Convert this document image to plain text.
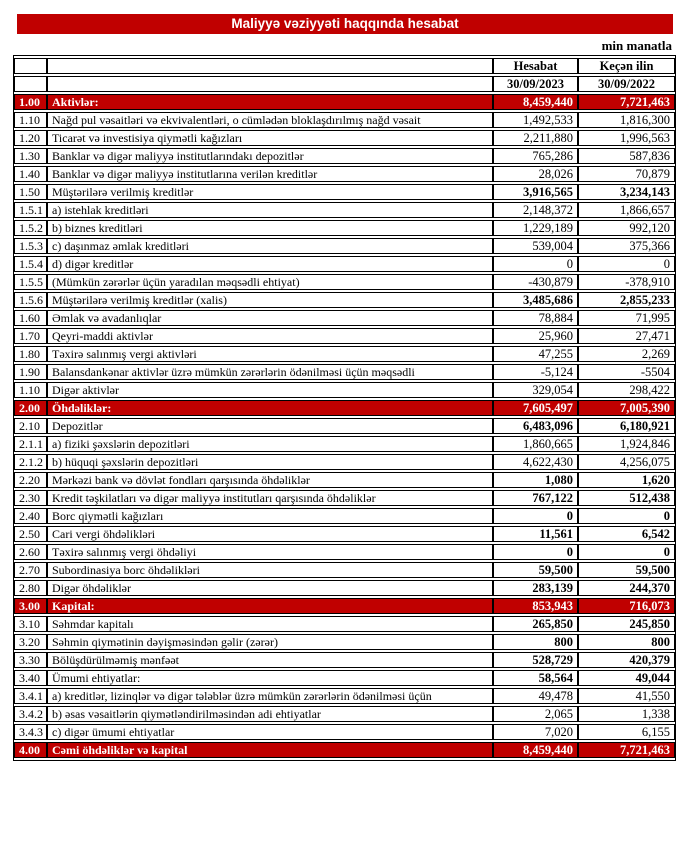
Maliyyə vəziyyəti haqqında hesabat
min manatla
		Hesabat	Keçən ilin
		30/09/2023	30/09/2022
1.00	Aktivlər:	8,459,440	7,721,463
1.10	Nağd pul vəsaitləri və ekvivalentləri, o cümlədən bloklaşdırılmış nağd vəsait	1,492,533	1,816,300
1.20	Ticarət və investisiya qiymətli kağızları	2,211,880	1,996,563
1.30	Banklar və digər maliyyə institutlarındakı depozitlər	765,286	587,836
1.40	Banklar və digər maliyyə institutlarına verilən kreditlər	28,026	70,879
1.50	Müştərilərə verilmiş kreditlər	3,916,565	3,234,143
1.5.1	a) istehlak kreditləri	2,148,372	1,866,657
1.5.2	b) biznes kreditləri	1,229,189	992,120
1.5.3	c) daşınmaz əmlak kreditləri	539,004	375,366
1.5.4	d) digər kreditlər	0	0
1.5.5	(Mümkün zərərlər üçün yaradılan məqsədli ehtiyat)	-430,879	-378,910
1.5.6	Müştərilərə verilmiş kreditlər (xalis)	3,485,686	2,855,233
1.60	Əmlak və avadanlıqlar	78,884	71,995
1.70	Qeyri-maddi aktivlər	25,960	27,471
1.80	Təxirə salınmış vergi aktivləri	47,255	2,269
1.90	Balansdankənar aktivlər üzrə mümkün zərərlərin ödənilməsi üçün məqsədli	-5,124	-5504
1.10	Digər aktivlər	329,054	298,422
2.00	Öhdəliklər:	7,605,497	7,005,390
2.10	Depozitlər	6,483,096	6,180,921
2.1.1	a) fiziki şəxslərin depozitləri	1,860,665	1,924,846
2.1.2	b) hüquqi şəxslərin depozitləri	4,622,430	4,256,075
2.20	Mərkəzi bank və dövlət fondları qarşısında öhdəliklər	1,080	1,620
2.30	Kredit təşkilatları və digər maliyyə institutları qarşısında öhdəliklər	767,122	512,438
2.40	Borc qiymətli kağızları	0	0
2.50	Cari vergi öhdəlikləri	11,561	6,542
2.60	Təxirə salınmış vergi öhdəliyi	0	0
2.70	Subordinasiya borc öhdəlikləri	59,500	59,500
2.80	Digər öhdəliklər	283,139	244,370
3.00	Kapital:	853,943	716,073
3.10	Səhmdar kapitalı	265,850	245,850
3.20	Səhmin qiymətinin dəyişməsindən gəlir (zərər)	800	800
3.30	Bölüşdürülməmiş mənfəət	528,729	420,379
3.40	Ümumi ehtiyatlar:	58,564	49,044
3.4.1	a) kreditlər, lizinqlər və digər tələblər üzrə mümkün zərərlərin ödənilməsi üçün	49,478	41,550
3.4.2	b) əsas vəsaitlərin qiymətləndirilməsindən adi ehtiyatlar	2,065	1,338
3.4.3	c) digər ümumi ehtiyatlar	7,020	6,155
4.00	Cəmi öhdəliklər və kapital	8,459,440	7,721,463
